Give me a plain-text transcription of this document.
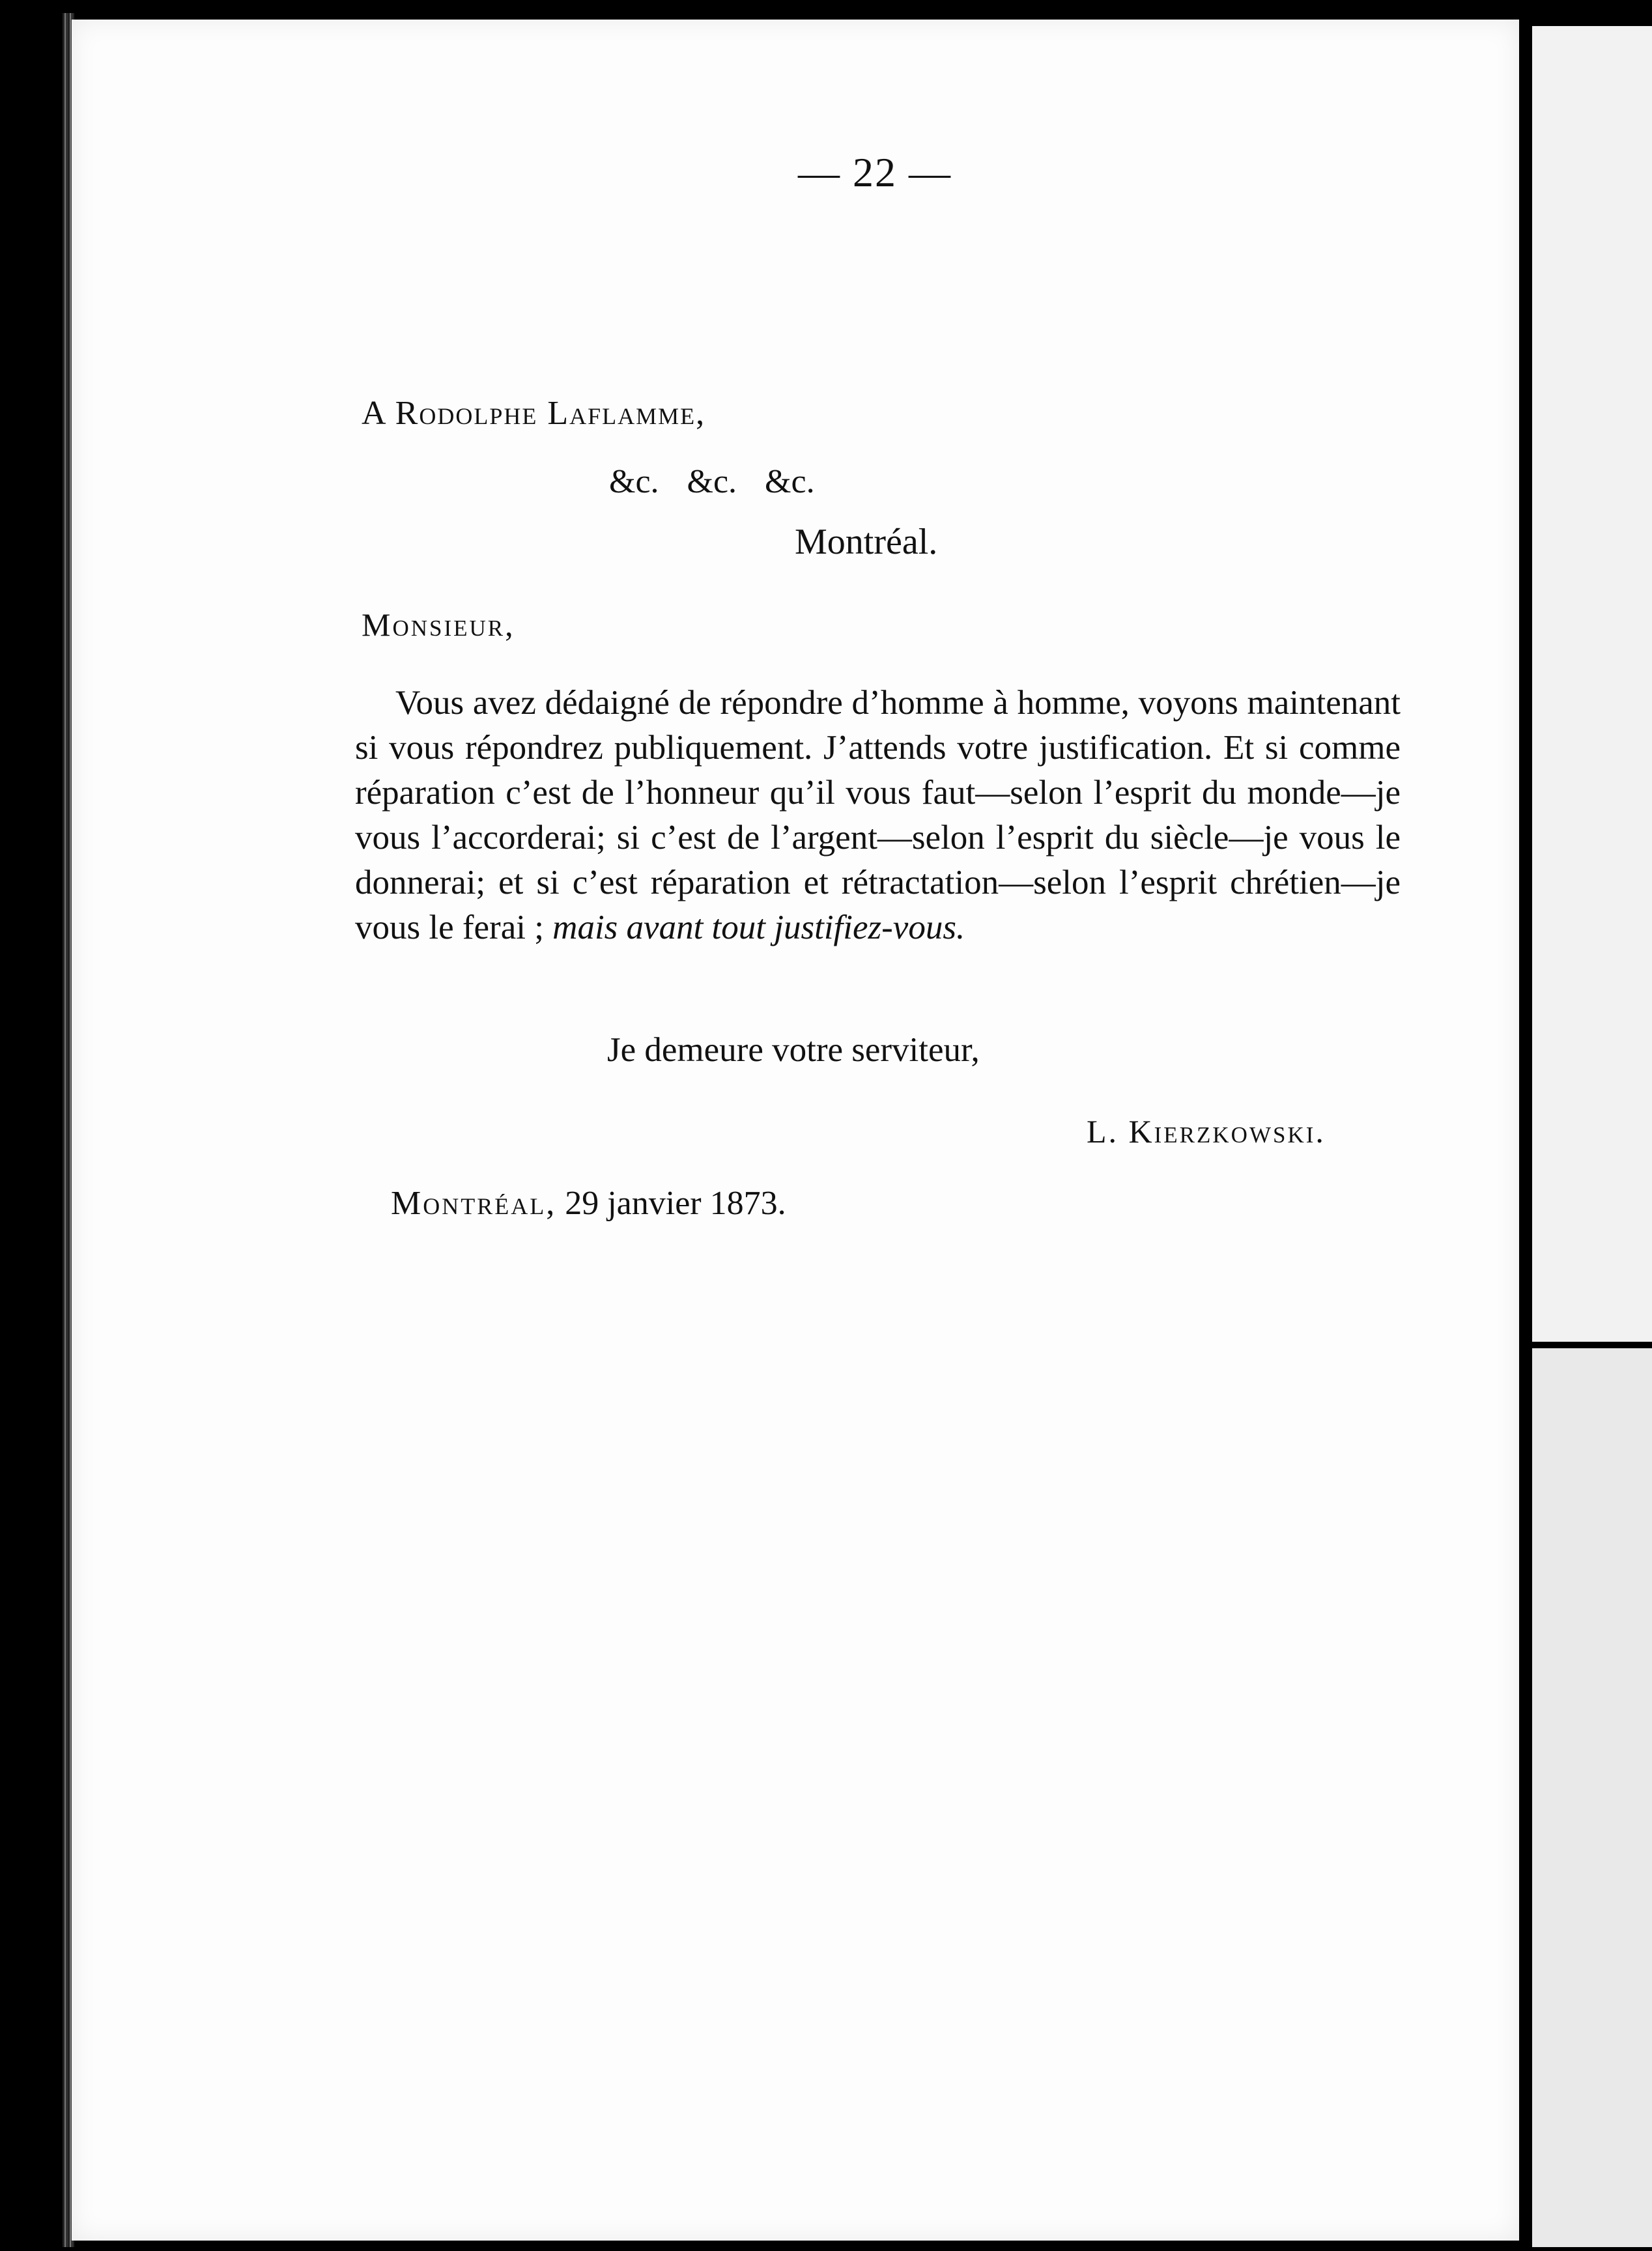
— 22 —
A Rodolphe Laflamme,
&c. &c. &c.
Montréal.
Monsieur,

Vous avez dédaigné de répondre d’homme à homme, voyons maintenant si vous répondrez publiquement. J’attends votre justification. Et si comme réparation c’est de l’honneur qu’il vous faut—selon l’esprit du monde—je vous l’accorderai; si c’est de l’argent—selon l’esprit du siècle—je vous le donnerai; et si c’est réparation et rétractation—selon l’esprit chrétien—je vous le ferai ; mais avant tout justifiez-vous.

Je demeure votre serviteur,
L. Kierzkowski.
Montréal, 29 janvier 1873.
